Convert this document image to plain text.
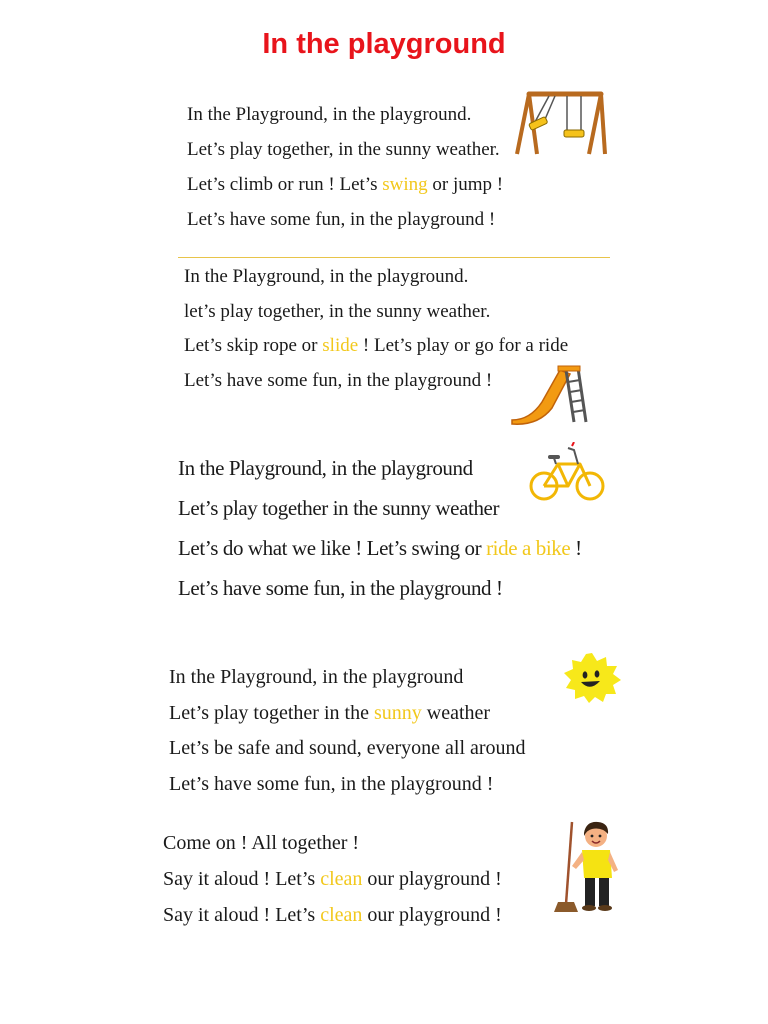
In the playground
In the Playground, in the playground.
Let’s play together, in the sunny weather.
Let’s climb or run ! Let’s swing or jump !
Let’s have some fun, in the playground !
In the Playground, in the playground.
let’s play together, in the sunny weather.
Let’s skip rope or slide ! Let’s play or go for a ride
Let’s have some fun, in the playground !
In the Playground, in the playground
Let’s play together in the sunny weather
Let’s do what we like ! Let’s swing or ride a bike !
Let’s have some fun, in the playground !
In the Playground, in the playground
Let’s play together in the sunny weather
Let’s be safe and sound, everyone all around
Let’s have some fun, in the playground !
Come on ! All together !
Say it aloud ! Let’s clean our playground !
Say it aloud ! Let’s clean our playground !
